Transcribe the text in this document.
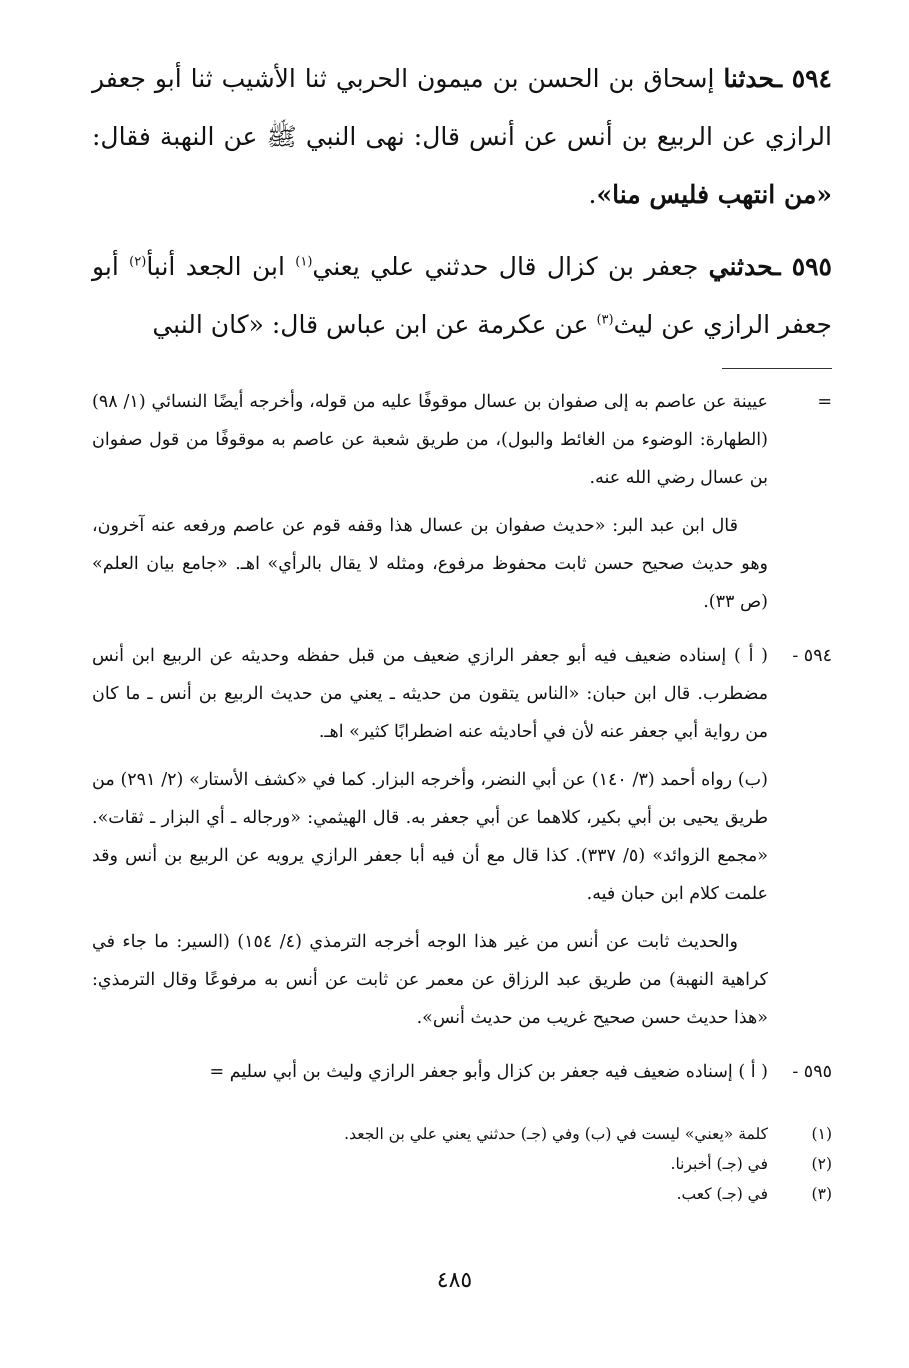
٥٩٤ ـحدثنا إسحاق بن الحسن بن ميمون الحربي ثنا الأشيب ثنا أبو جعفر الرازي عن الربيع بن أنس عن أنس قال: نهى النبي ﷺ عن النهبة فقال: «من انتهب فليس منا».

٥٩٥ ـحدثني جعفر بن كزال قال حدثني علي يعني$^{(١)}$ ابن الجعد أنبأ$^{(٢)}$ أبو جعفر الرازي عن ليث$^{(٣)}$ عن عكرمة عن ابن عباس قال: «كان النبي

=

عيينة عن عاصم به إلى صفوان بن عسال موقوفًا عليه من قوله، وأخرجه أيضًا النسائي (١/ ٩٨) (الطهارة: الوضوء من الغائط والبول)، من طريق شعبة عن عاصم به موقوفًا من قول صفوان بن عسال رضي الله عنه.

قال ابن عبد البر: «حديث صفوان بن عسال هذا وقفه قوم عن عاصم ورفعه عنه آخرون، وهو حديث صحيح حسن ثابت محفوظ مرفوع، ومثله لا يقال بالرأي» اهـ. «جامع بيان العلم» (ص ٣٣).

٥٩٤ -

( أ ) إسناده ضعيف فيه أبو جعفر الرازي ضعيف من قبل حفظه وحديثه عن الربيع ابن أنس مضطرب. قال ابن حبان: «الناس يتقون من حديثه ـ يعني من حديث الربيع بن أنس ـ ما كان من رواية أبي جعفر عنه لأن في أحاديثه عنه اضطرابًا كثير» اهـ.

(ب) رواه أحمد (٣/ ١٤٠) عن أبي النضر، وأخرجه البزار. كما في «كشف الأستار» (٢/ ٢٩١) من طريق يحيى بن أبي بكير، كلاهما عن أبي جعفر به. قال الهيثمي: «ورجاله ـ أي البزار ـ ثقات». «مجمع الزوائد» (٥/ ٣٣٧). كذا قال مع أن فيه أبا جعفر الرازي يرويه عن الربيع بن أنس وقد علمت كلام ابن حبان فيه.

والحديث ثابت عن أنس من غير هذا الوجه أخرجه الترمذي (٤/ ١٥٤) (السير: ما جاء في كراهية النهبة) من طريق عبد الرزاق عن معمر عن ثابت عن أنس به مرفوعًا وقال الترمذي: «هذا حديث حسن صحيح غريب من حديث أنس».

٥٩٥ -

( أ ) إسناده ضعيف فيه جعفر بن كزال وأبو جعفر الرازي وليث بن أبي سليم =

(١)
كلمة «يعني» ليست في (ب) وفي (جـ) حدثني يعني علي بن الجعد.
(٢)
في (جـ) أخبرنا.
(٣)
في (جـ) كعب.
٤٨٥
